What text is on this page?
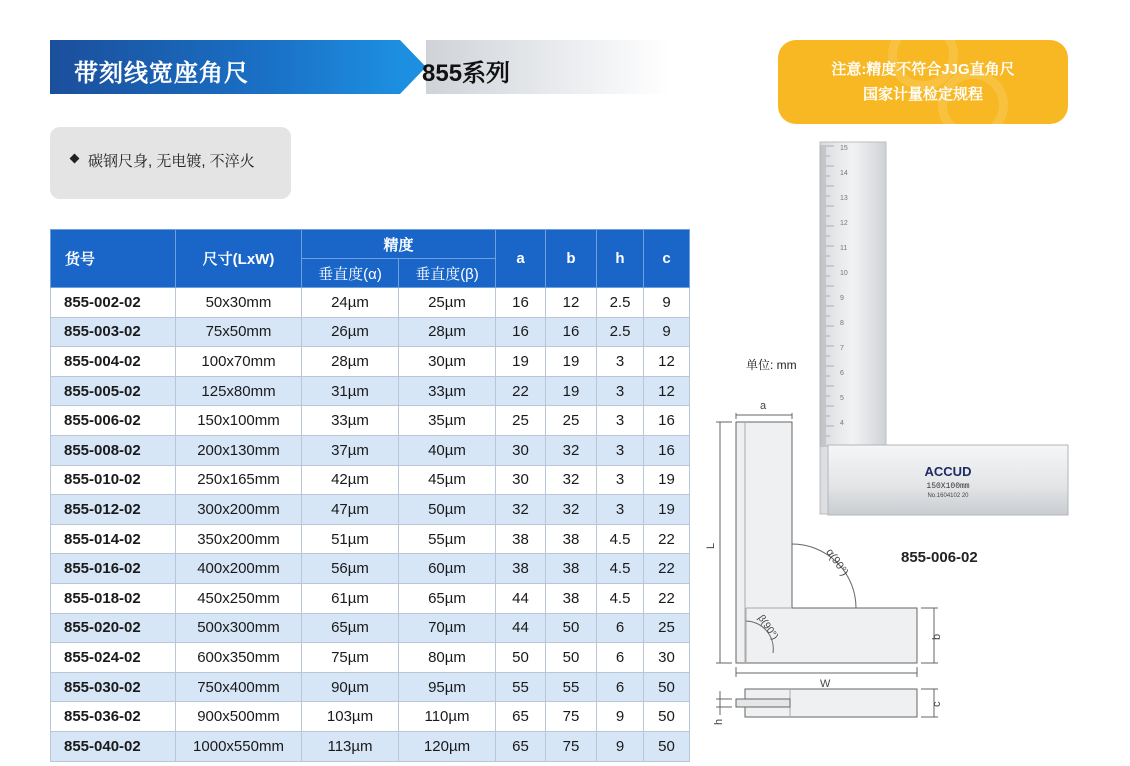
带刻线宽座角尺	855系列	注意:精度不符合JJG直角尺
国家计量检定规程
碳钢尺身, 无电镀, 不淬火
货号	尺寸(LxW)	精度		a	b	h	c
		垂直度(α)	垂直度(β)				
855-002-02	50x30mm	24µm	25µm	16	12	2.5	9
855-003-02	75x50mm	26µm	28µm	16	16	2.5	9
855-004-02	100x70mm	28µm	30µm	19	19	3	12
855-005-02	125x80mm	31µm	33µm	22	19	3	12
855-006-02	150x100mm	33µm	35µm	25	25	3	16
855-008-02	200x130mm	37µm	40µm	30	32	3	16
855-010-02	250x165mm	42µm	45µm	30	32	3	19
855-012-02	300x200mm	47µm	50µm	32	32	3	19
855-014-02	350x200mm	51µm	55µm	38	38	4.5	22
855-016-02	400x200mm	56µm	60µm	38	38	4.5	22
855-018-02	450x250mm	61µm	65µm	44	38	4.5	22
855-020-02	500x300mm	65µm	70µm	44	50	6	25
855-024-02	600x350mm	75µm	80µm	50	50	6	30
855-030-02	750x400mm	90µm	95µm	55	55	6	50
855-036-02	900x500mm	103µm	110µm	65	75	9	50
855-040-02	1000x550mm	113µm	120µm	65	75	9	50
单位: mm
15
14
13
12
11
10
9
8
7
6
5
4
ACCUD
150X100mm
No.1604102 20
855-006-02
a
L
W
b
c
h
α(90°)
β(90°)
